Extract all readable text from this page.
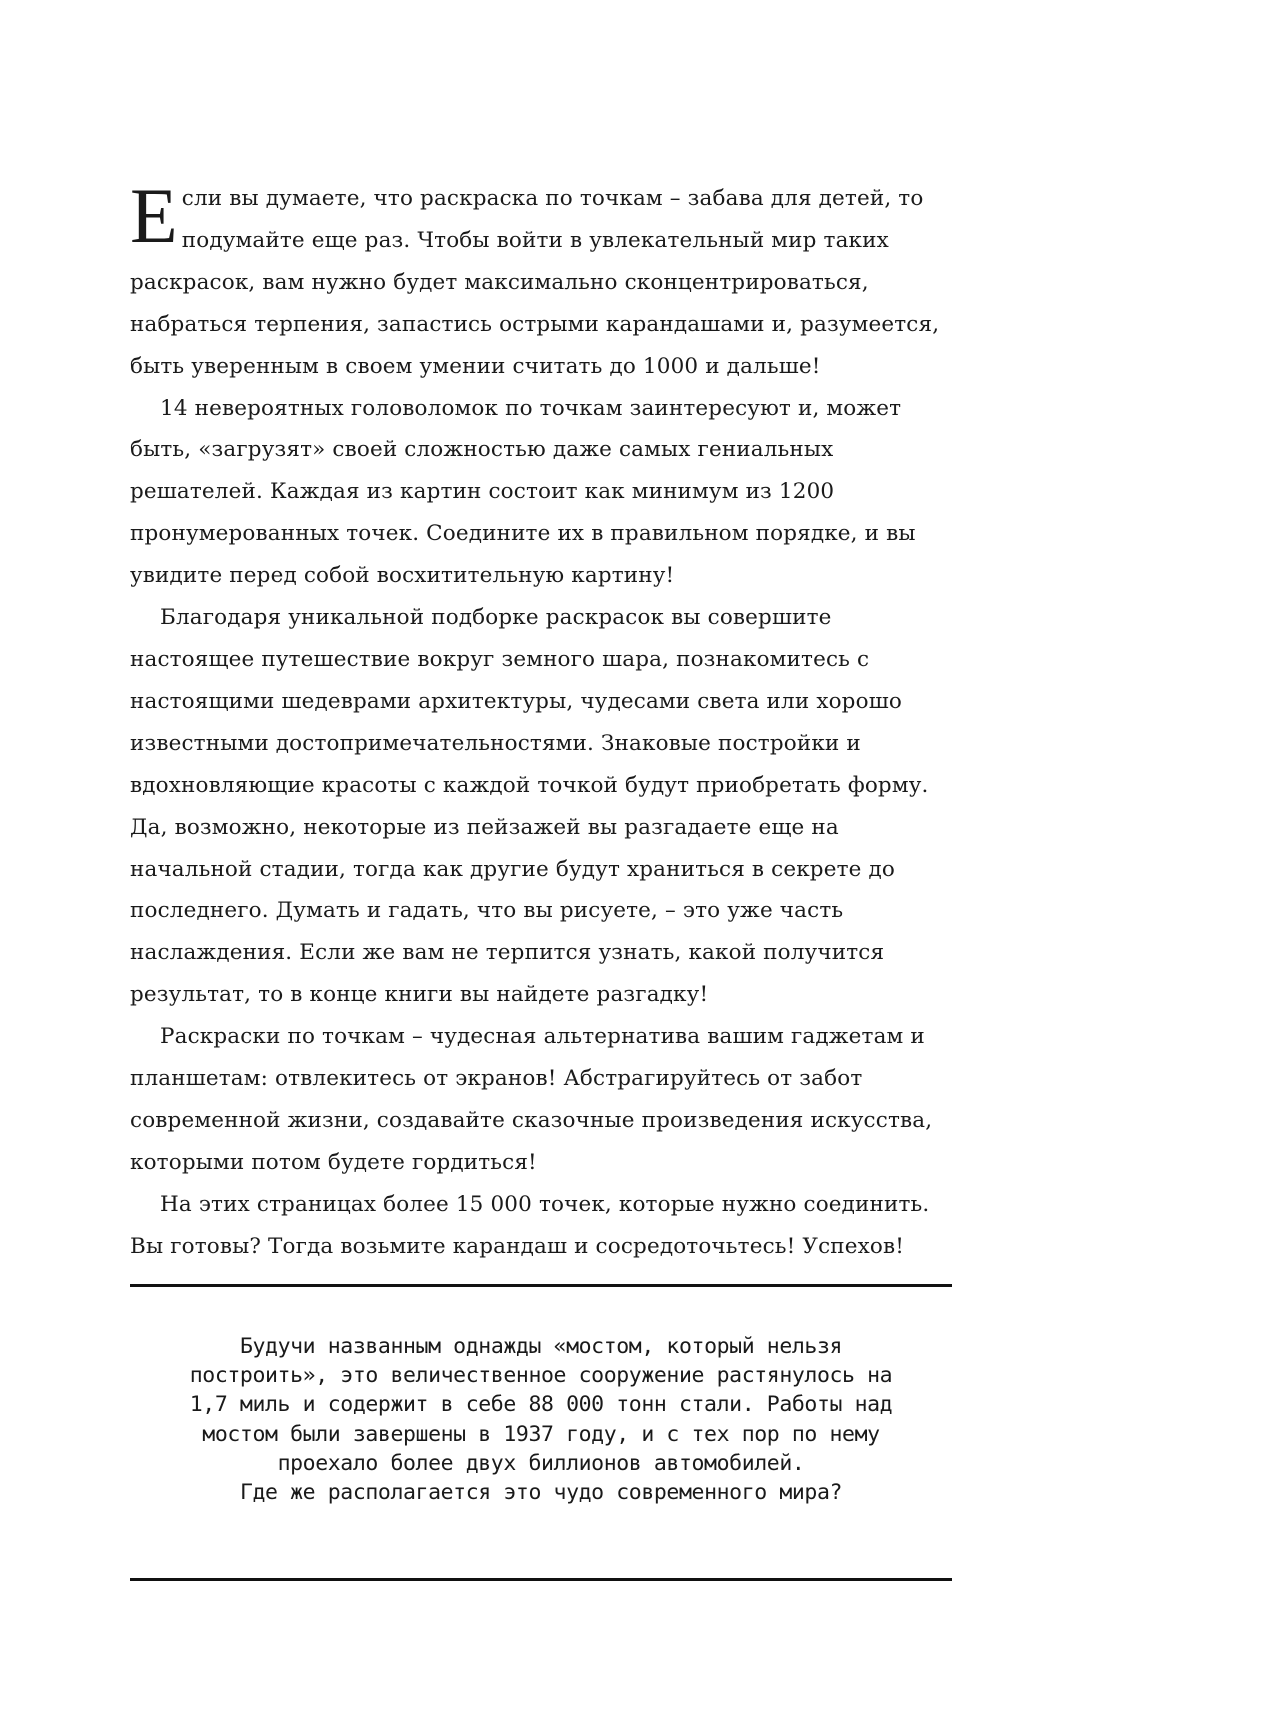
Если вы думаете, что раскраска по точкам – забава для детей, то подумайте еще раз. Чтобы войти в увлекательный мир таких раскрасок, вам нужно будет максимально сконцентрироваться, набраться терпения, запастись острыми карандашами и, разумеется, быть уверенным в своем умении считать до 1000 и дальше!

14 невероятных головоломок по точкам заинтересуют и, может быть, «загрузят» своей сложностью даже самых гениальных решателей. Каждая из картин состоит как минимум из 1200 пронумерованных точек. Соедините их в правильном порядке, и вы увидите перед собой восхитительную картину!

Благодаря уникальной подборке раскрасок вы совершите настоящее путешествие вокруг земного шара, познакомитесь с настоящими шедеврами архитектуры, чудесами света или хорошо известными достопримечательностями. Знаковые постройки и вдохновляющие красоты с каждой точкой будут приобретать форму. Да, возможно, некоторые из пейзажей вы разгадаете еще на начальной стадии, тогда как другие будут храниться в секрете до последнего. Думать и гадать, что вы рисуете, – это уже часть наслаждения. Если же вам не терпится узнать, какой получится результат, то в конце книги вы найдете разгадку!

Раскраски по точкам – чудесная альтернатива вашим гаджетам и планшетам: отвлекитесь от экранов! Абстрагируйтесь от забот современной жизни, создавайте сказочные произведения искусства, которыми потом будете гордиться!

На этих страницах более 15 000 точек, которые нужно соединить. Вы готовы? Тогда возьмите карандаш и сосредоточьтесь! Успехов!

Будучи названным однажды «мостом, который нельзя
построить», это величественное сооружение растянулось на
1,7 миль и содержит в себе 88 000 тонн стали. Работы над
мостом были завершены в 1937 году, и с тех пор по нему
проехало более двух биллионов автомобилей.
Где же располагается это чудо современного мира?
